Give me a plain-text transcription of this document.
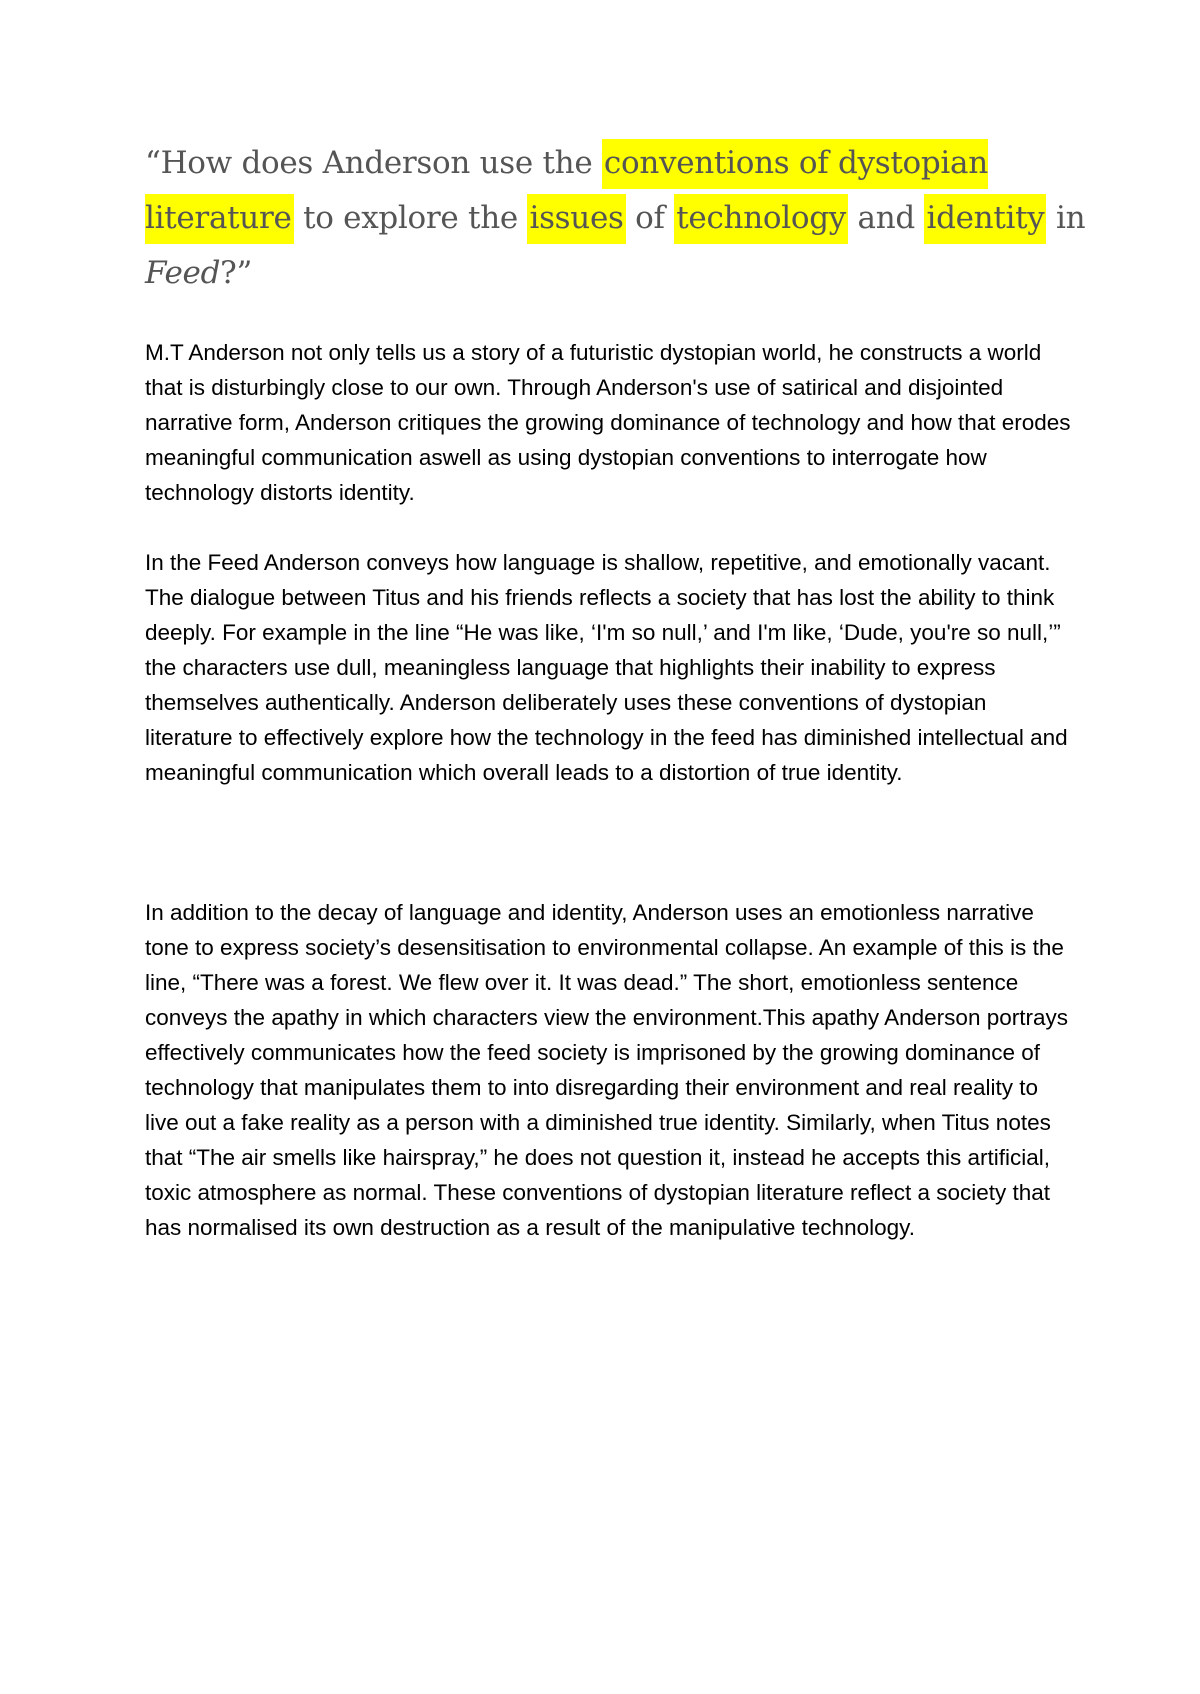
“How does Anderson use the conventions of dystopian literature to explore the issues of technology and identity in Feed?”

M.T Anderson not only tells us a story of a futuristic dystopian world, he constructs a world that is disturbingly close to our own. Through Anderson's use of satirical and disjointed narrative form, Anderson critiques the growing dominance of technology and how that erodes meaningful communication aswell as using dystopian conventions to interrogate how technology distorts identity.

In the Feed Anderson conveys how language is shallow, repetitive, and emotionally vacant. The dialogue between Titus and his friends reflects a society that has lost the ability to think deeply. For example in the line “He was like, ‘I'm so null,’ and I'm like, ‘Dude, you're so null,’” the characters use dull, meaningless language that highlights their inability to express themselves authentically. Anderson deliberately uses these conventions of dystopian literature to effectively explore how the technology in the feed has diminished intellectual and meaningful communication which overall leads to a distortion of true identity.

In addition to the decay of language and identity, Anderson uses an emotionless narrative tone to express society’s desensitisation to environmental collapse. An example of this is the line, “There was a forest. We flew over it. It was dead.” The short, emotionless sentence conveys the apathy in which characters view the environment.This apathy Anderson portrays effectively communicates how the feed society is imprisoned by the growing dominance of technology that manipulates them to into disregarding their environment and real reality to live out a fake reality as a person with a diminished true identity. Similarly, when Titus notes that “The air smells like hairspray,” he does not question it, instead he accepts this artificial, toxic atmosphere as normal. These conventions of dystopian literature reflect a society that has normalised its own destruction as a result of the manipulative technology.
